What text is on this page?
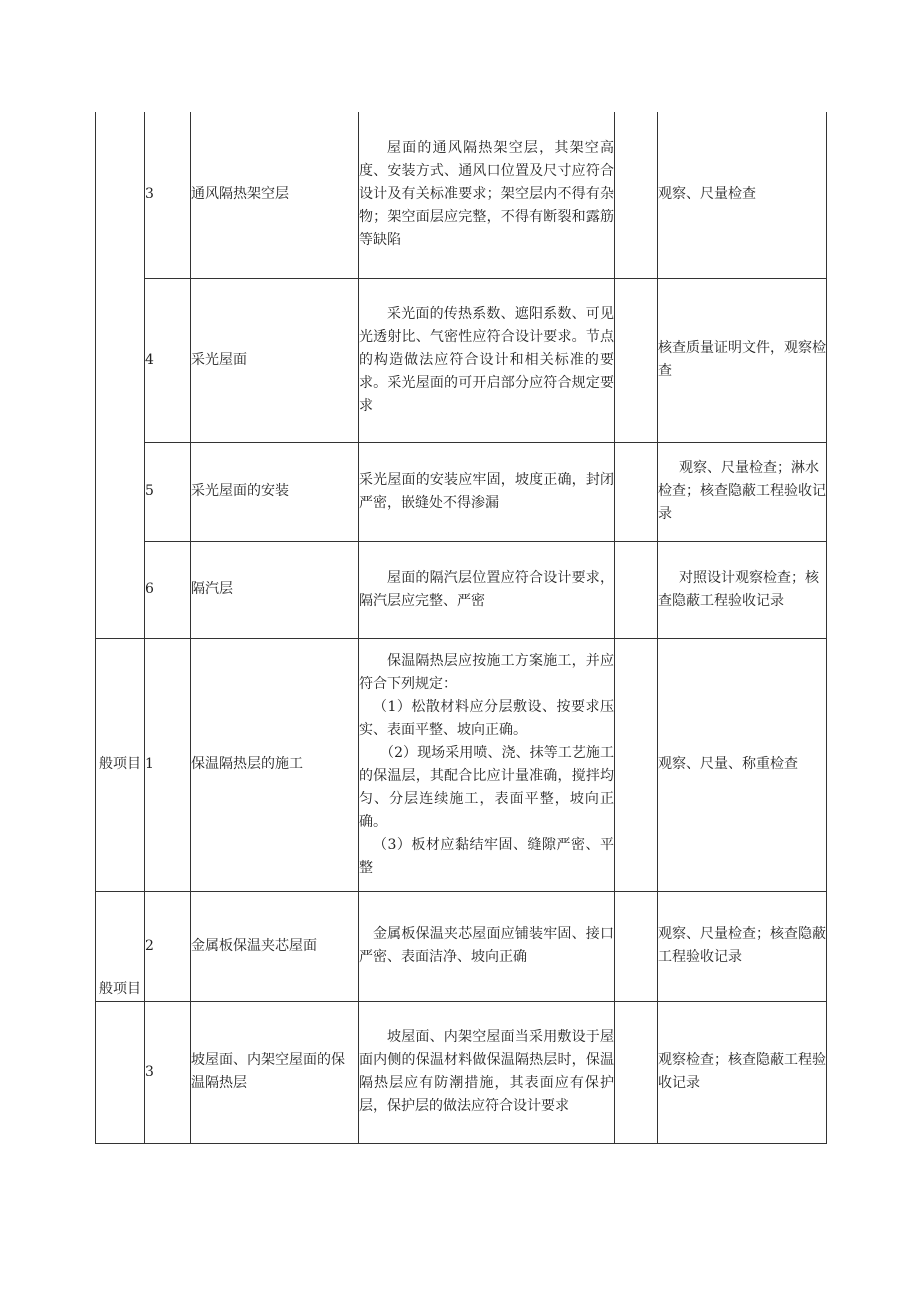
	3	通风隔热架空层	屋面的通风隔热架空层，其架空高度、安装方式、通风口位置及尺寸应符合设计及有关标准要求；架空层内不得有杂物；架空面层应完整，不得有断裂和露筋等缺陷		观察、尺量检查

	4	采光屋面	采光面的传热系数、遮阳系数、可见光透射比、气密性应符合设计要求。节点的构造做法应符合设计和相关标准的要求。采光屋面的可开启部分应符合规定要求		核查质量证明文件，观察检查

	5	采光屋面的安装	采光屋面的安装应牢固，坡度正确，封闭严密，嵌缝处不得渗漏		观察、尺量检查；淋水检查；核查隐蔽工程验收记录

	6	隔汽层	屋面的隔汽层位置应符合设计要求，隔汽层应完整、严密		对照设计观察检查；核查隐蔽工程验收记录

般项目	1	保温隔热层的施工	保温隔热层应按施工方案施工，并应符合下列规定：

（1）松散材料应分层敷设、按要求压实、表面平整、坡向正确。

（2）现场采用喷、浇、抹等工艺施工的保温层，其配合比应计量准确，搅拌均匀、分层连续施工，表面平整，坡向正确。

（3）板材应黏结牢固、缝隙严密、平整		观察、尺量、称重检查

般项目	2	金属板保温夹芯屋面	金属板保温夹芯屋面应铺装牢固、接口严密、表面洁净、坡向正确		观察、尺量检查；核查隐蔽工程验收记录

	3	坡屋面、内架空屋面的保温隔热层	坡屋面、内架空屋面当采用敷设于屋面内侧的保温材料做保温隔热层时，保温隔热层应有防潮措施，其表面应有保护层，保护层的做法应符合设计要求		观察检查；核查隐蔽工程验收记录
